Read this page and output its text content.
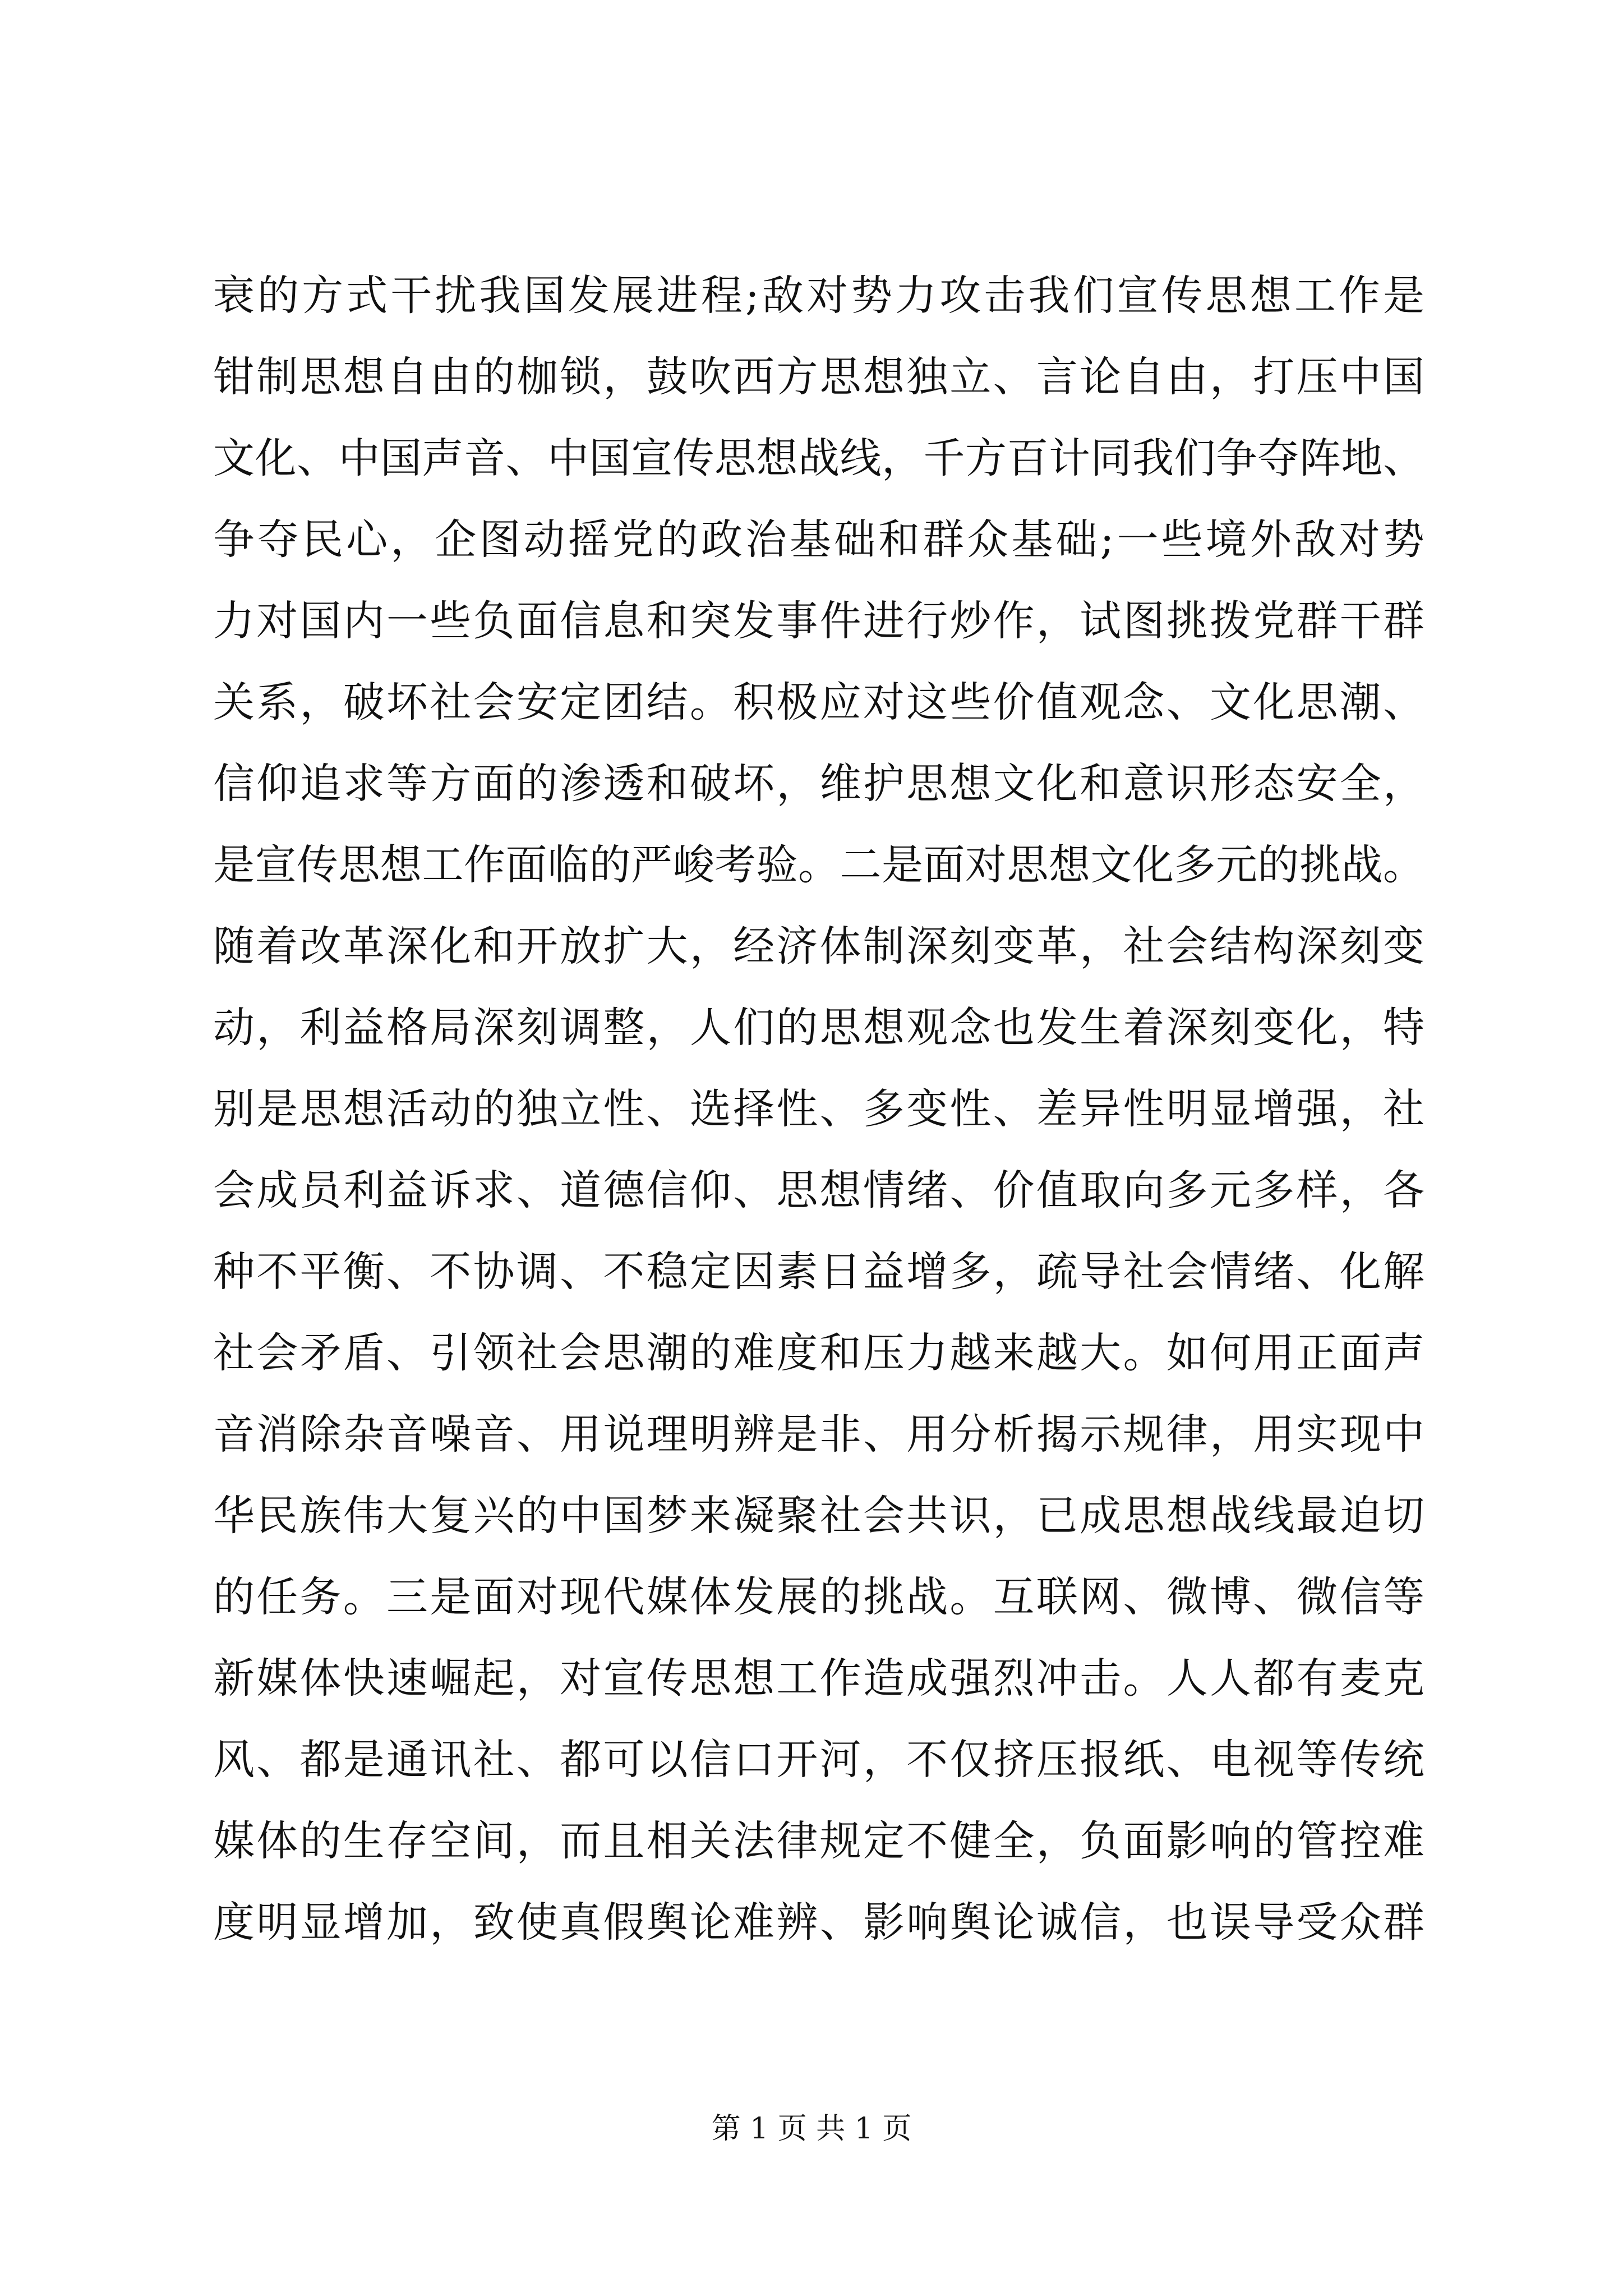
衰的方式干扰我国发展进程;敌对势力攻击我们宣传思想工作是
钳制思想自由的枷锁，鼓吹西方思想独立、言论自由，打压中国
文化、中国声音、中国宣传思想战线，千方百计同我们争夺阵地、
争夺民心，企图动摇党的政治基础和群众基础;一些境外敌对势
力对国内一些负面信息和突发事件进行炒作，试图挑拨党群干群
关系，破坏社会安定团结。积极应对这些价值观念、文化思潮、
信仰追求等方面的渗透和破坏，维护思想文化和意识形态安全，
是宣传思想工作面临的严峻考验。二是面对思想文化多元的挑战。
随着改革深化和开放扩大，经济体制深刻变革，社会结构深刻变
动，利益格局深刻调整，人们的思想观念也发生着深刻变化，特
别是思想活动的独立性、选择性、多变性、差异性明显增强，社
会成员利益诉求、道德信仰、思想情绪、价值取向多元多样，各
种不平衡、不协调、不稳定因素日益增多，疏导社会情绪、化解
社会矛盾、引领社会思潮的难度和压力越来越大。如何用正面声
音消除杂音噪音、用说理明辨是非、用分析揭示规律，用实现中
华民族伟大复兴的中国梦来凝聚社会共识，已成思想战线最迫切
的任务。三是面对现代媒体发展的挑战。互联网、微博、微信等
新媒体快速崛起，对宣传思想工作造成强烈冲击。人人都有麦克
风、都是通讯社、都可以信口开河，不仅挤压报纸、电视等传统
媒体的生存空间，而且相关法律规定不健全，负面影响的管控难
度明显增加，致使真假舆论难辨、影响舆论诚信，也误导受众群
第 1 页 共 1 页
